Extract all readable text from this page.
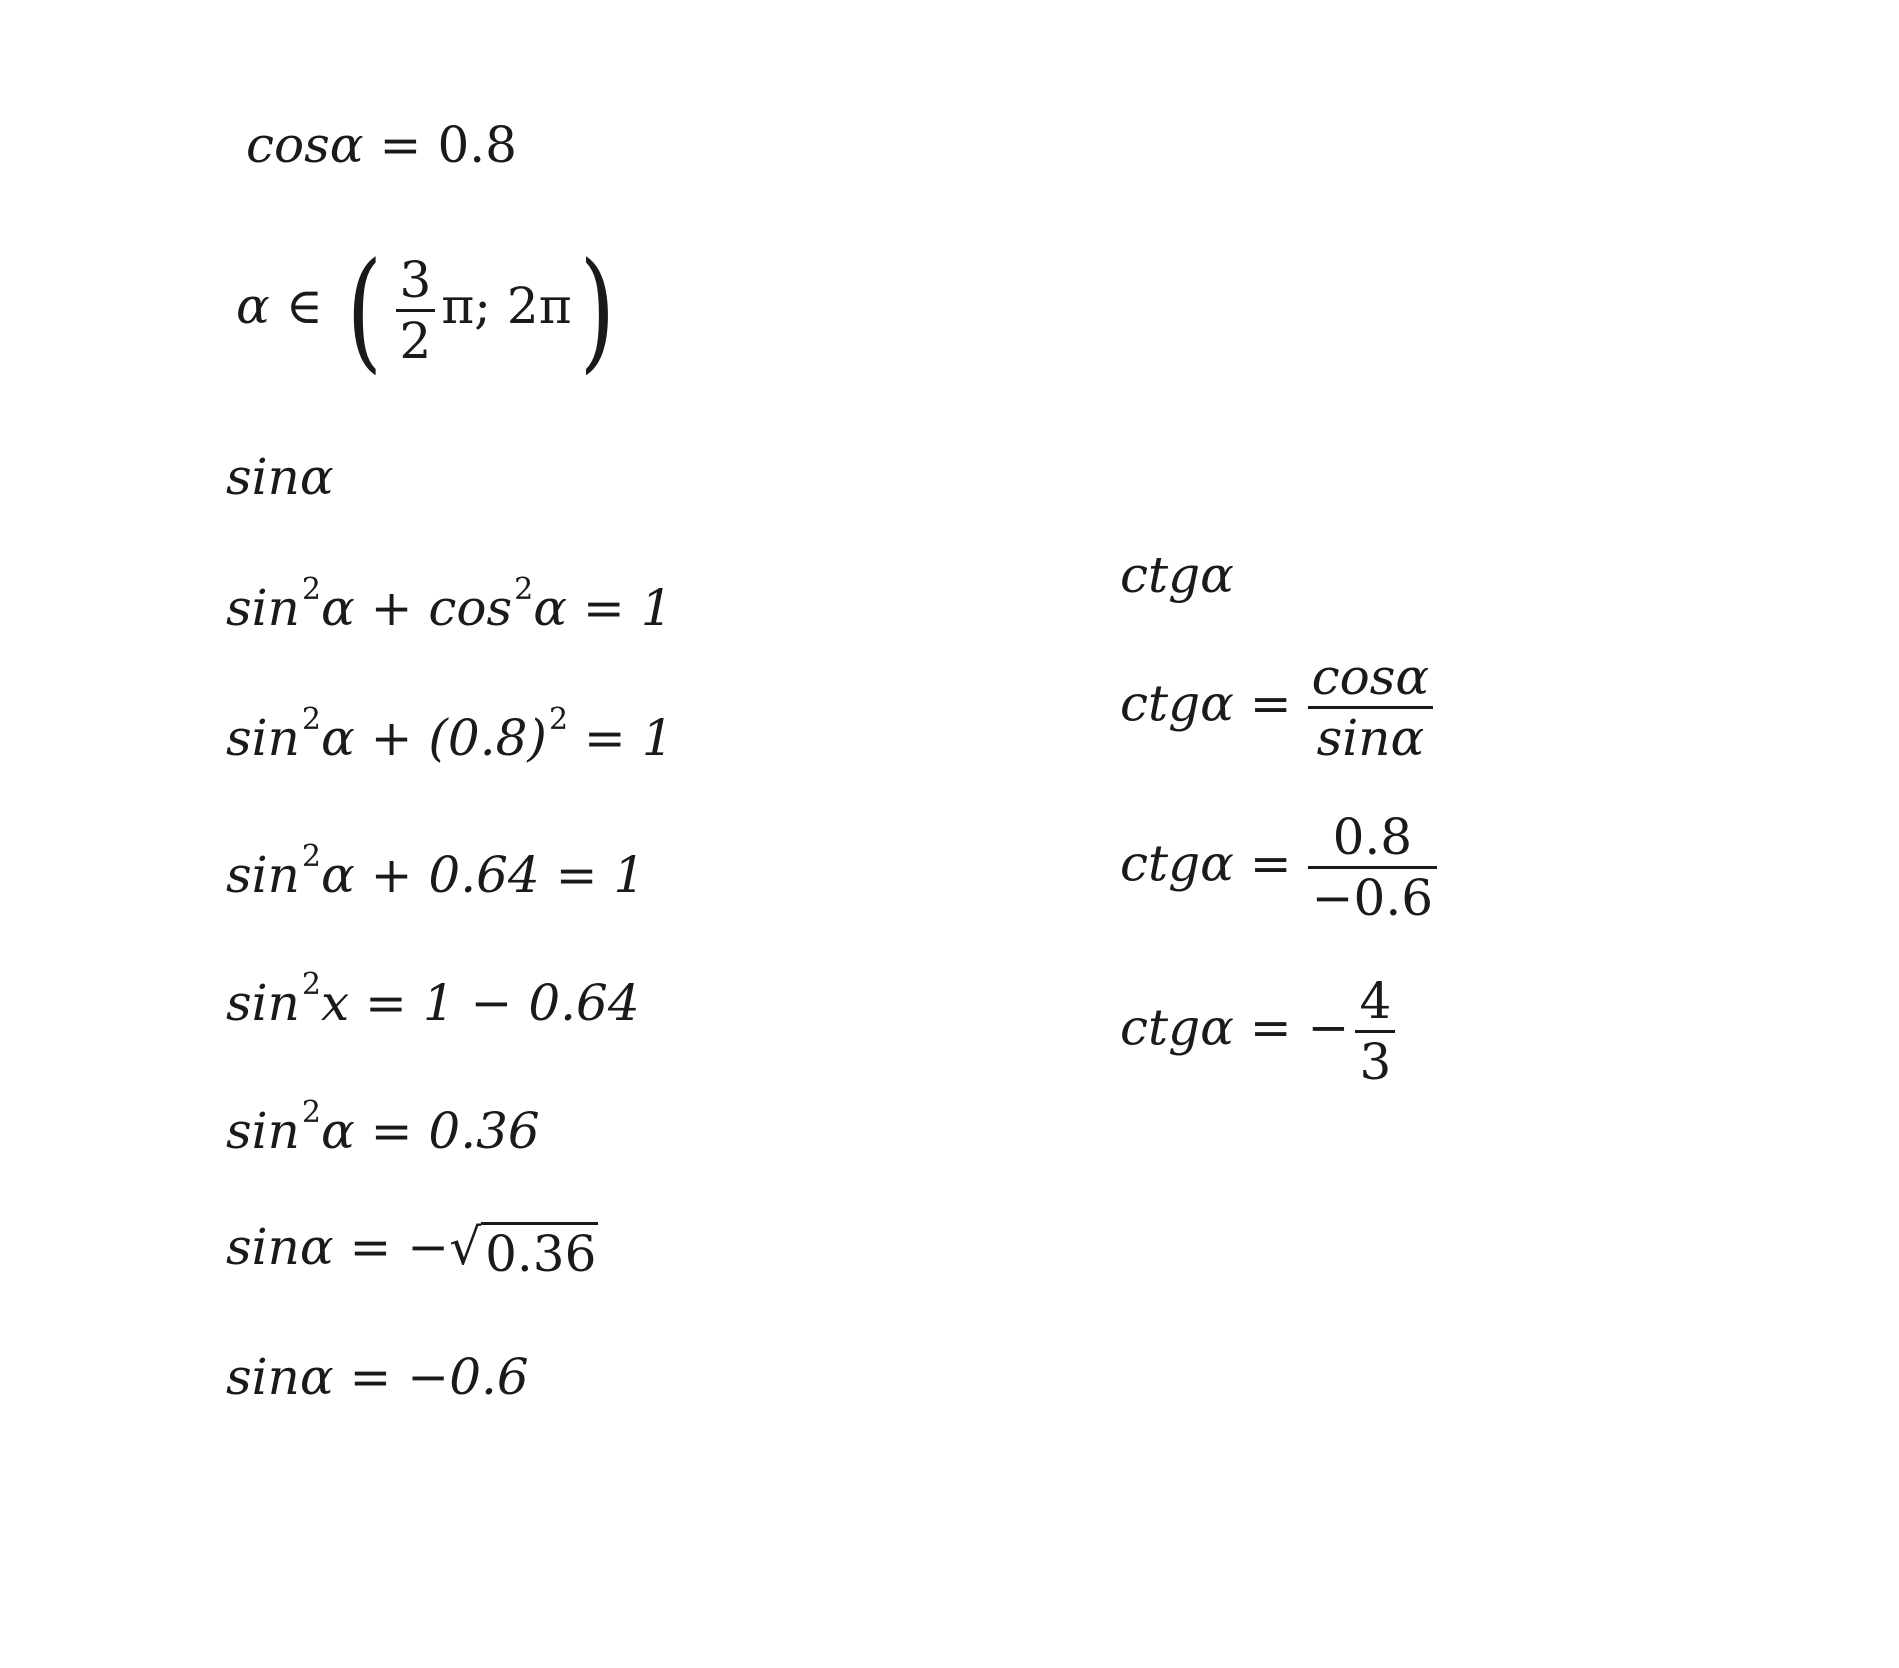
cosα = 0.8
α ∈ ( $\frac{3}{2} \pi$; 2π)
sinα
$\sin^2\alpha + \cos^2\alpha = 1$
$\sin^2\alpha + (0.8)^2 = 1$
$\sin^2\alpha + 0.64 = 1$
$\sin^2x = 1 - 0.64$
$\sin^2\alpha = 0.36$
sinα = − √ 0.36
sinα = −0.6
ctgα
$ctg\alpha = \frac{\cos\alpha}{\sin\alpha}$
$ctg\alpha = \frac{0.8}{-0.6}$
ctgα = − $\frac{4}{3}$
